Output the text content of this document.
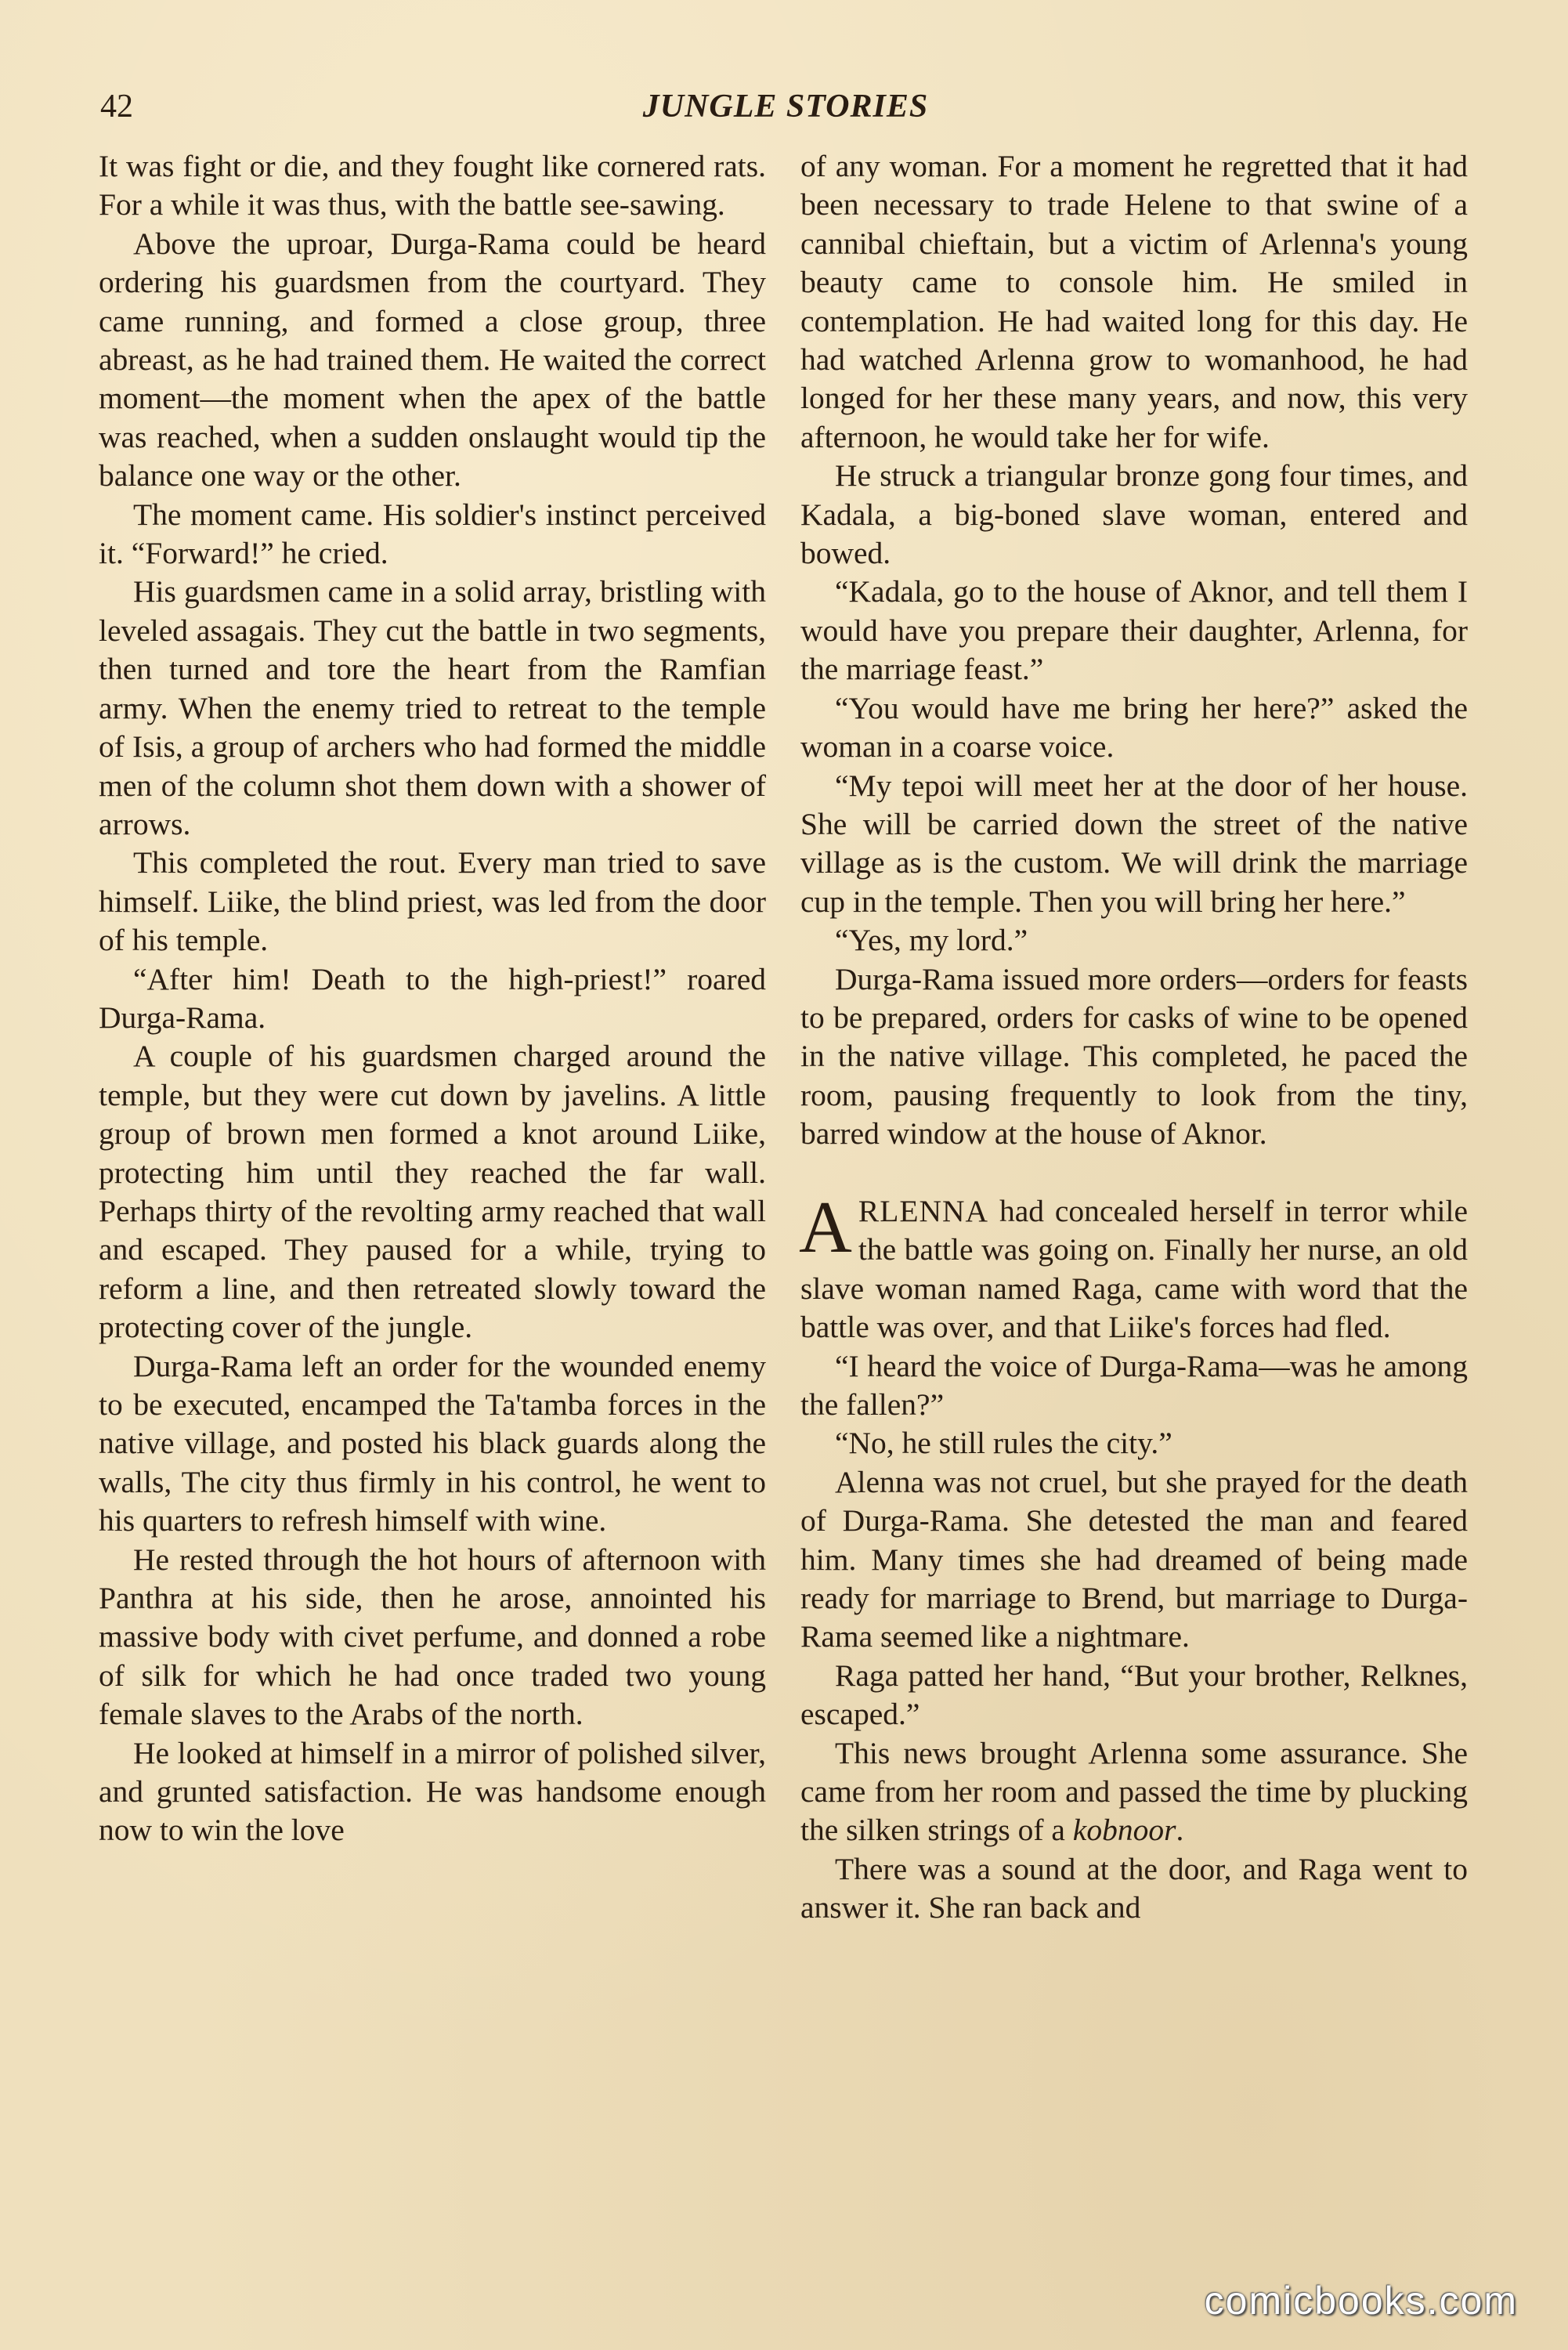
42	JUNGLE STORIES

It was fight or die, and they fought like cornered rats. For a while it was thus, with the battle see-sawing.

Above the uproar, Durga-Rama could be heard ordering his guardsmen from the courtyard. They came running, and formed a close group, three abreast, as he had trained them. He waited the correct moment—the moment when the apex of the battle was reached, when a sudden onslaught would tip the balance one way or the other.

The moment came. His soldier's instinct perceived it. “Forward!” he cried.

His guardsmen came in a solid array, bristling with leveled assagais. They cut the battle in two segments, then turned and tore the heart from the Ramfian army. When the enemy tried to retreat to the temple of Isis, a group of archers who had formed the middle men of the column shot them down with a shower of arrows.

This completed the rout. Every man tried to save himself. Liike, the blind priest, was led from the door of his temple.

“After him! Death to the high-priest!” roared Durga-Rama.

A couple of his guardsmen charged around the temple, but they were cut down by javelins. A little group of brown men formed a knot around Liike, protecting him until they reached the far wall. Perhaps thirty of the revolting army reached that wall and escaped. They paused for a while, trying to reform a line, and then retreated slowly toward the protecting cover of the jungle.

Durga-Rama left an order for the wounded enemy to be executed, encamped the Ta'tamba forces in the native village, and posted his black guards along the walls, The city thus firmly in his control, he went to his quarters to refresh himself with wine.

He rested through the hot hours of afternoon with Panthra at his side, then he arose, annointed his massive body with civet perfume, and donned a robe of silk for which he had once traded two young female slaves to the Arabs of the north.

He looked at himself in a mirror of polished silver, and grunted satisfaction. He was handsome enough now to win the love

of any woman. For a moment he regretted that it had been necessary to trade Helene to that swine of a cannibal chieftain, but a victim of Arlenna's young beauty came to console him. He smiled in contemplation. He had waited long for this day. He had watched Arlenna grow to womanhood, he had longed for her these many years, and now, this very afternoon, he would take her for wife.

He struck a triangular bronze gong four times, and Kadala, a big-boned slave woman, entered and bowed.

“Kadala, go to the house of Aknor, and tell them I would have you prepare their daughter, Arlenna, for the marriage feast.”

“You would have me bring her here?” asked the woman in a coarse voice.

“My tepoi will meet her at the door of her house. She will be carried down the street of the native village as is the custom. We will drink the marriage cup in the temple. Then you will bring her here.”

“Yes, my lord.”

Durga-Rama issued more orders—orders for feasts to be prepared, orders for casks of wine to be opened in the native village. This completed, he paced the room, pausing frequently to look from the tiny, barred window at the house of Aknor.

ARLENNA had concealed herself in terror while the battle was going on. Finally her nurse, an old slave woman named Raga, came with word that the battle was over, and that Liike's forces had fled.

“I heard the voice of Durga-Rama—was he among the fallen?”

“No, he still rules the city.”

Alenna was not cruel, but she prayed for the death of Durga-Rama. She detested the man and feared him. Many times she had dreamed of being made ready for marriage to Brend, but marriage to Durga-Rama seemed like a nightmare.

Raga patted her hand, “But your brother, Relknes, escaped.”

This news brought Arlenna some assurance. She came from her room and passed the time by plucking the silken strings of a kobnoor.

There was a sound at the door, and Raga went to answer it. She ran back and

comicbooks.com
